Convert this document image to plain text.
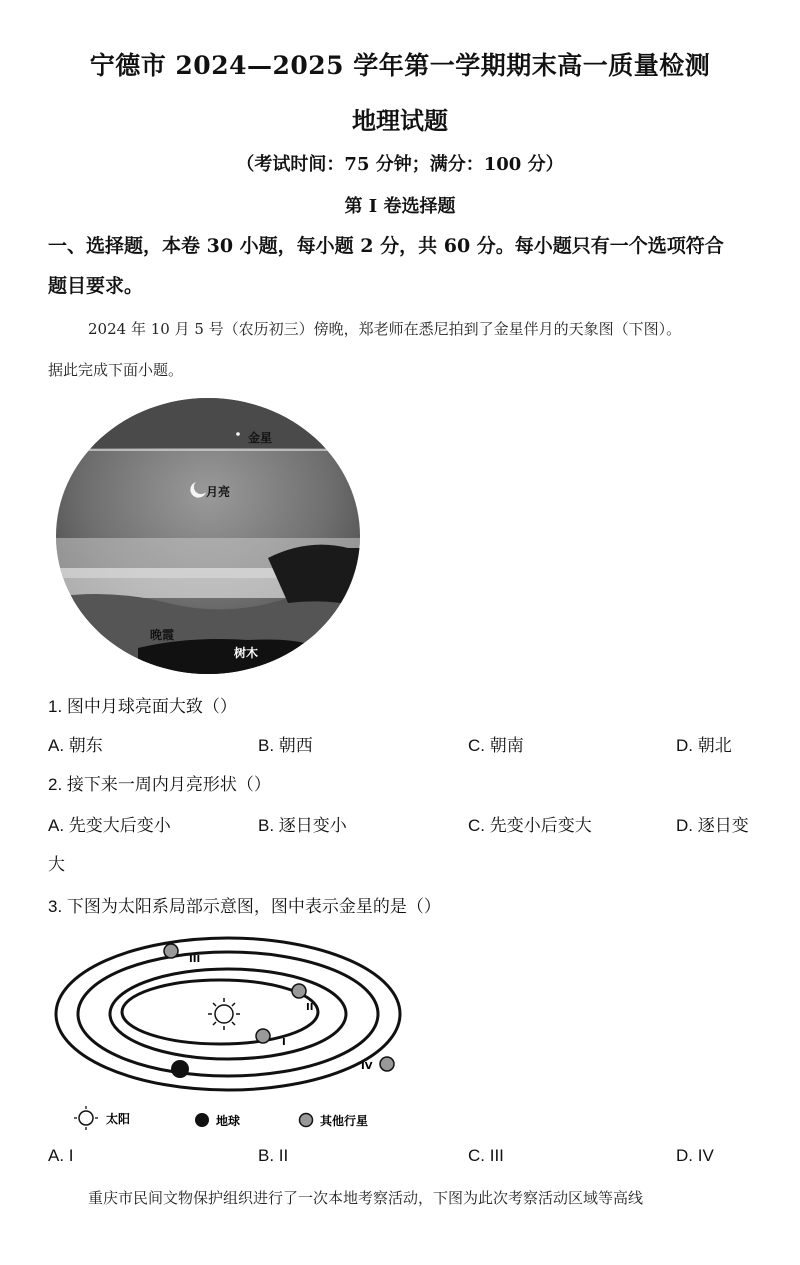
宁德市 2024—2025 学年第一学期期末高一质量检测
地理试题
（考试时间：75 分钟；满分：100 分）
第 I 卷选择题
一、选择题，本卷 30 小题，每小题 2 分，共 60 分。每小题只有一个选项符合
题目要求。
2024 年 10 月 5 号（农历初三）傍晚，郑老师在悉尼拍到了金星伴月的天象图（下图）。
据此完成下面小题。
金星
月亮
晚霞
树木
1. 图中月球亮面大致（）
A. 朝东	B. 朝西	C. 朝南	D. 朝北
2. 接下来一周内月亮形状（）
A. 先变大后变小	B. 逐日变小	C. 先变小后变大	D. 逐日变
大
3. 下图为太阳系局部示意图，图中表示金星的是（）
I
II
III
IV
太阳	地球	其他行星
A. I	B. II	C. III	D. IV
重庆市民间文物保护组织进行了一次本地考察活动，下图为此次考察活动区域等高线
